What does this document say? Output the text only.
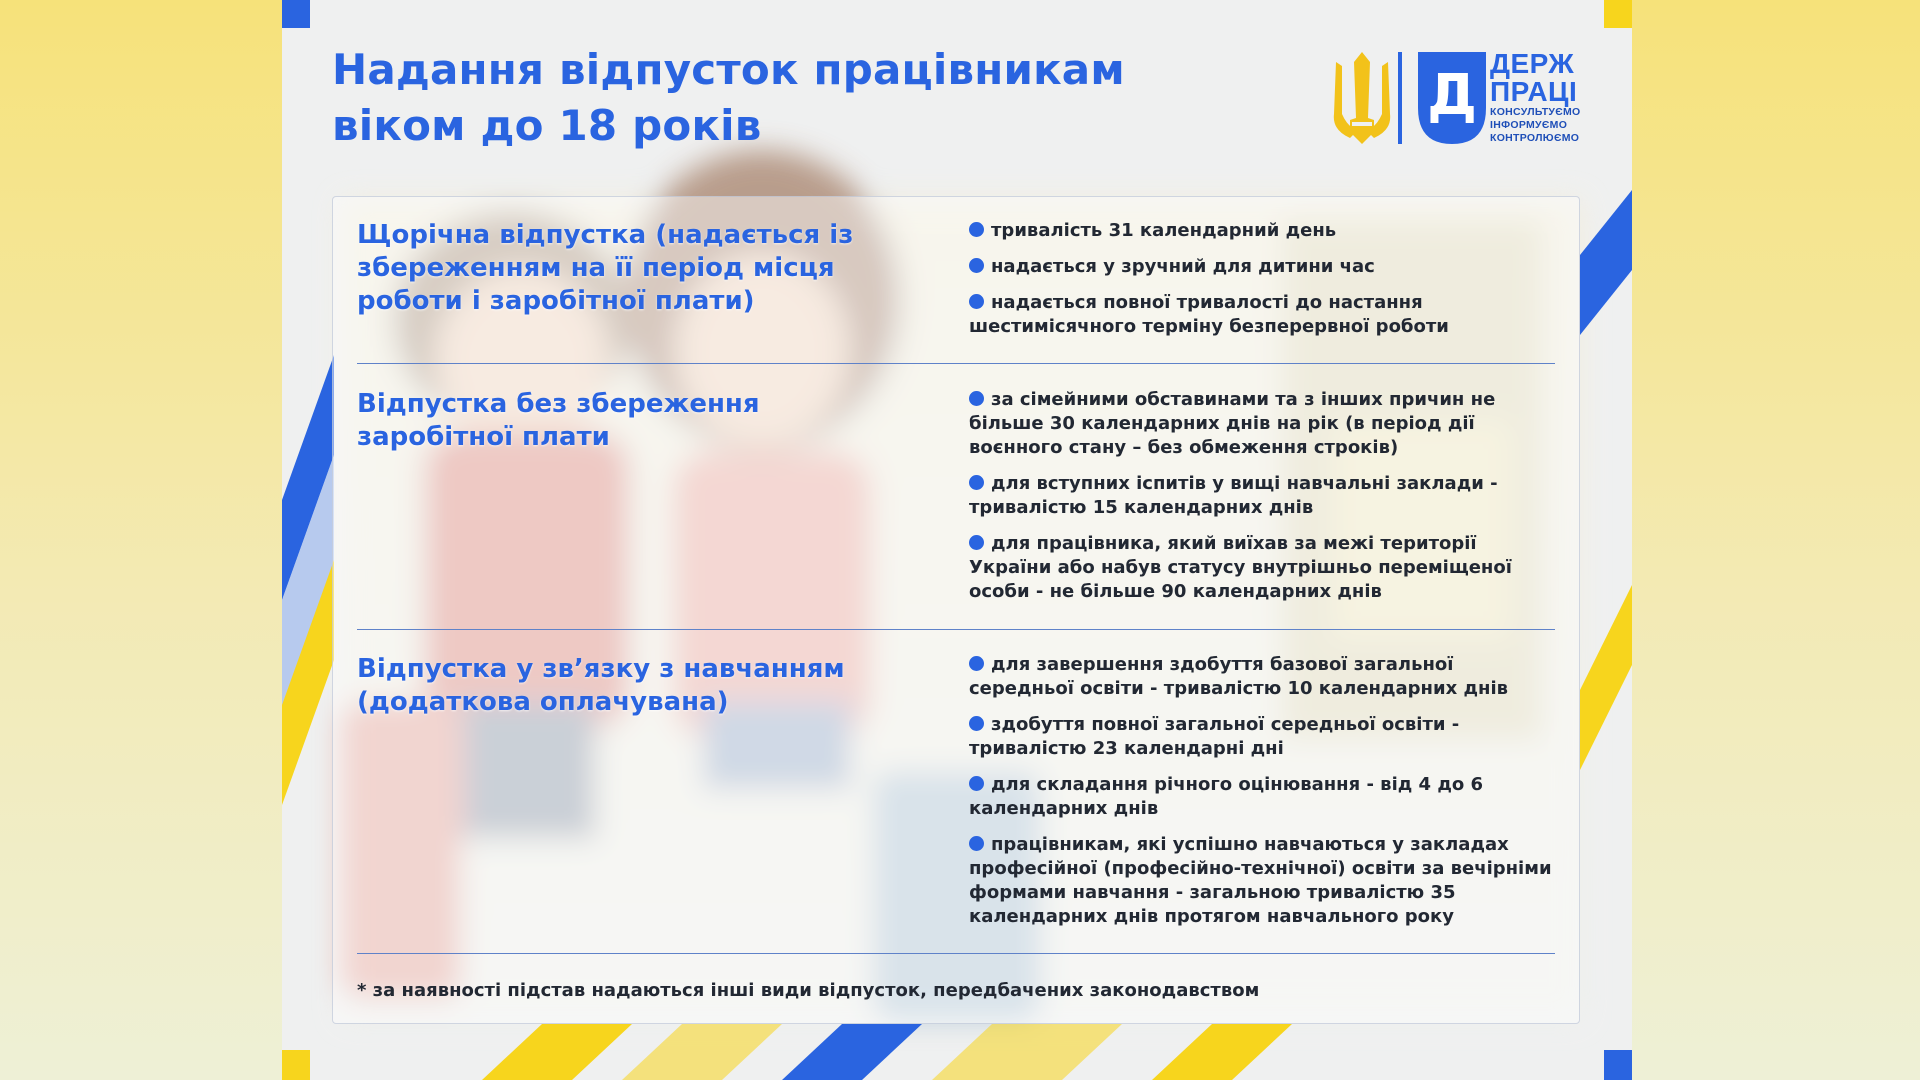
Надання відпусток працівникам
віком до 18 років	Д ДЕРЖ
ПРАЦІ
КОНСУЛЬТУЄМО
ІНФОРМУЄМО
КОНТРОЛЮЄМО
Щорічна відпустка (надається із збереженням на її період місця роботи і заробітної плати)
тривалість 31 календарний день
надається у зручний для дитини час
надається повної тривалості до настання шестимісячного терміну безперервної роботи
Відпустка без збереження заробітної плати
за сімейними обставинами та з інших причин не більше 30 календарних днів на рік (в період дії воєнного стану – без обмеження строків)
для вступних іспитів у вищі навчальні заклади - тривалістю 15 календарних днів
для працівника, який виїхав за межі території України або набув статусу внутрішньо переміщеної особи - не більше 90 календарних днів
Відпустка у зв’язку з навчанням (додаткова оплачувана)
для завершення здобуття базової загальної середньої освіти - тривалістю 10 календарних днів
здобуття повної загальної середньої освіти - тривалістю 23 календарні дні
для складання річного оцінювання - від 4 до 6 календарних днів
працівникам, які успішно навчаються у закладах професійної (професійно-технічної) освіти за вечірніми формами навчання - загальною тривалістю 35 календарних днів протягом навчального року

* за наявності підстав надаються інші види відпусток, передбачених законодавством
